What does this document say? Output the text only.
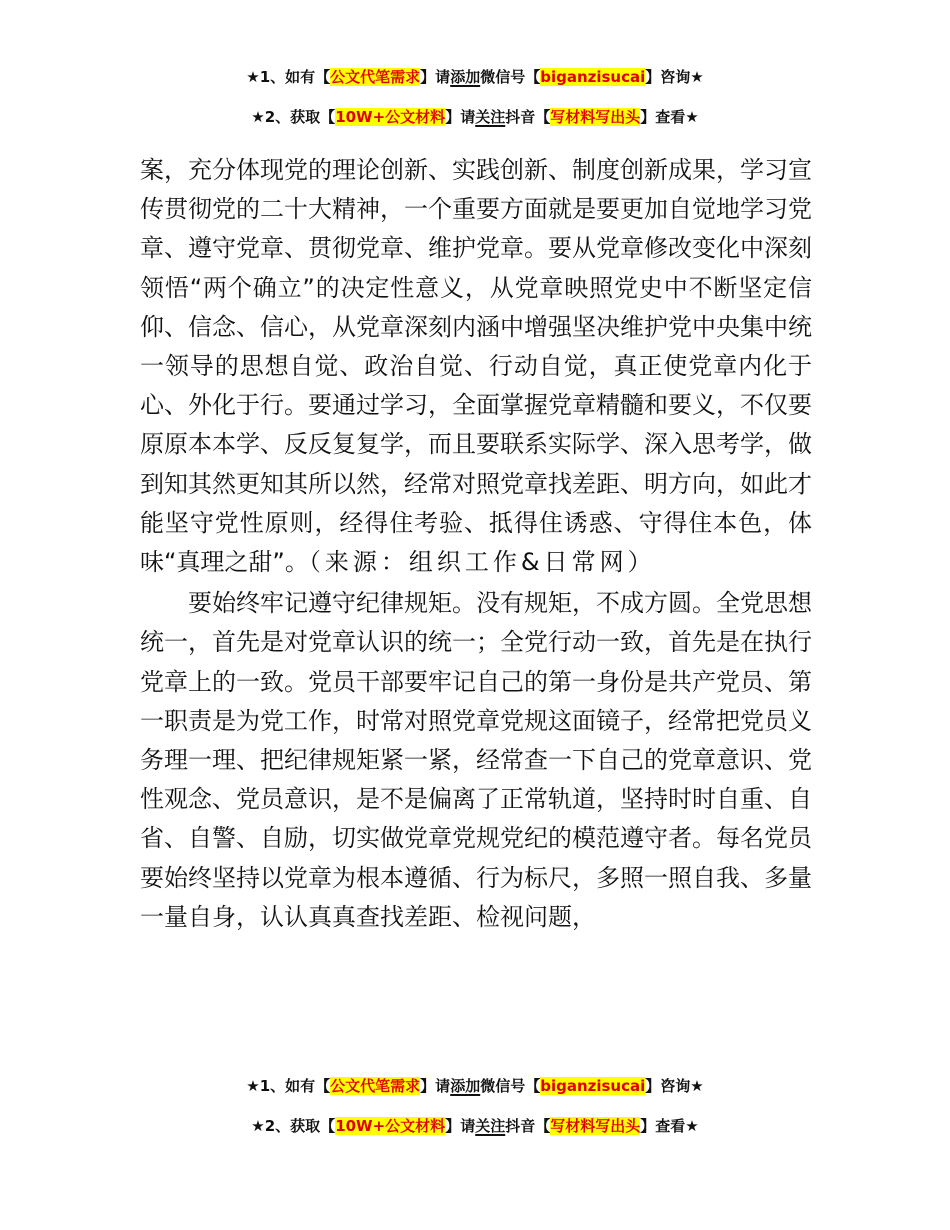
★1、如有【公文代笔需求】请添加微信号【biganzisucai】咨询★
★2、获取【10W+公文材料】请关注抖音【写材料写出头】查看★

案，充分体现党的理论创新、实践创新、制度创新成果，学习宣传贯彻党的二十大精神，一个重要方面就是要更加自觉地学习党章、遵守党章、贯彻党章、维护党章。要从党章修改变化中深刻领悟“两个确立”的决定性意义，从党章映照党史中不断坚定信仰、信念、信心，从党章深刻内涵中增强坚决维护党中央集中统一领导的思想自觉、政治自觉、行动自觉，真正使党章内化于心、外化于行。要通过学习，全面掌握党章精髓和要义，不仅要原原本本学、反反复复学，而且要联系实际学、深入思考学，做到知其然更知其所以然，经常对照党章找差距、明方向，如此才能坚守党性原则，经得住考验、抵得住诱惑、守得住本色，体味“真理之甜”。（来源：组织工作&日常网）

要始终牢记遵守纪律规矩。没有规矩，不成方圆。全党思想统一，首先是对党章认识的统一；全党行动一致，首先是在执行党章上的一致。党员干部要牢记自己的第一身份是共产党员、第一职责是为党工作，时常对照党章党规这面镜子，经常把党员义务理一理、把纪律规矩紧一紧，经常查一下自己的党章意识、党性观念、党员意识，是不是偏离了正常轨道，坚持时时自重、自省、自警、自励，切实做党章党规党纪的模范遵守者。每名党员要始终坚持以党章为根本遵循、行为标尺，多照一照自我、多量一量自身，认认真真查找差距、检视问题，

★1、如有【公文代笔需求】请添加微信号【biganzisucai】咨询★
★2、获取【10W+公文材料】请关注抖音【写材料写出头】查看★
